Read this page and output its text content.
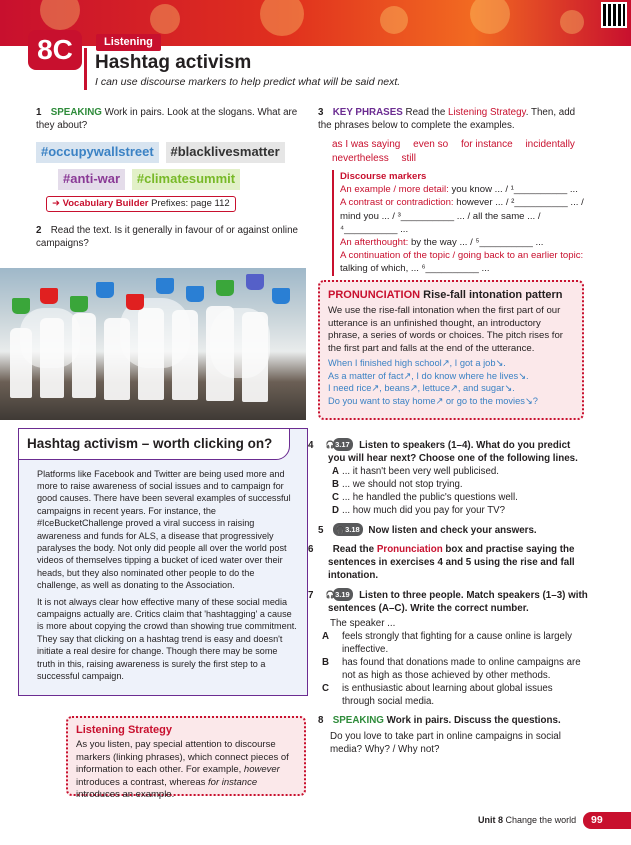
8C	Listening
Hashtag activism
I can use discourse markers to help predict what will be said next.
1 SPEAKING Work in pairs. Look at the slogans. What are they about?
#occupywallstreet #blacklivesmatter
#anti-war #climatesummit
➜ Vocabulary Builder Prefixes: page 112
2 Read the text. Is it generally in favour of or against online campaigns?
Hashtag activism – worth clicking on?

Platforms like Facebook and Twitter are being used more and more to raise awareness of social issues and to campaign for good causes. There have been several examples of successful campaigns in recent years. For instance, the #IceBucketChallenge proved a viral success in raising awareness and funds for ALS, a disease that progressively paralyses the body. Not only did people all over the world post videos of themselves tipping a bucket of iced water over their heads, but they also nominated other people to do the challenge, as well as donating to the Association.

It is not always clear how effective many of these social media campaigns actually are. Critics claim that 'hashtagging' a cause is more about copying the crowd than showing true commitment. They say that clicking on a hashtag trend is easy and doesn't initiate a real desire for change. Though there may be some truth in this, raising awareness is surely the first step to a successful campaign.

Listening Strategy
As you listen, pay special attention to discourse markers (linking phrases), which connect pieces of information to each other. For example, however introduces a contrast, whereas for instance introduces an example.
3 KEY PHRASES Read the Listening Strategy. Then, add the phrases below to complete the examples.
as I was saying even so for instance incidentally
nevertheless still
Discourse markers
An example / more detail: you know ... / ¹__________ ...
A contrast or contradiction: however ... / ²__________ ... / mind you ... / ³__________ ... / all the same ... / ⁴__________ ...
An afterthought: by the way ... / ⁵__________ ...
A continuation of the topic / going back to an earlier topic: talking of which, ... ⁶__________ ...
PRONUNCIATION Rise-fall intonation pattern
We use the rise-fall intonation when the first part of our utterance is an unfinished thought, an introductory phrase, a series of words or choices. The pitch rises for the first part and falls at the end of the utterance.
When I finished high school↗, I got a job↘.
As a matter of fact↗, I do know where he lives↘.
I need rice↗, beans↗, lettuce↗, and sugar↘.
Do you want to stay home↗ or go to the movies↘?
4 🎧3.17 Listen to speakers (1–4). What do you predict you will hear next? Choose one of the following lines.
A ... it hasn't been very well publicised.
B ... we should not stop trying.
C ... he handled the public's questions well.
D ... how much did you pay for your TV?
5 🎧3.18 Now listen and check your answers.
6 Read the Pronunciation box and practise saying the sentences in exercises 4 and 5 using the rise and fall intonation.
7 🎧3.19 Listen to three people. Match speakers (1–3) with sentences (A–C). Write the correct number.
The speaker ...
A feels strongly that fighting for a cause online is largely ineffective.
B has found that donations made to online campaigns are not as high as those achieved by other methods.
C is enthusiastic about learning about global issues through social media.
8 SPEAKING Work in pairs. Discuss the questions.
Do you love to take part in online campaigns in social media? Why? / Why not?
Unit 8 Change the world	99
